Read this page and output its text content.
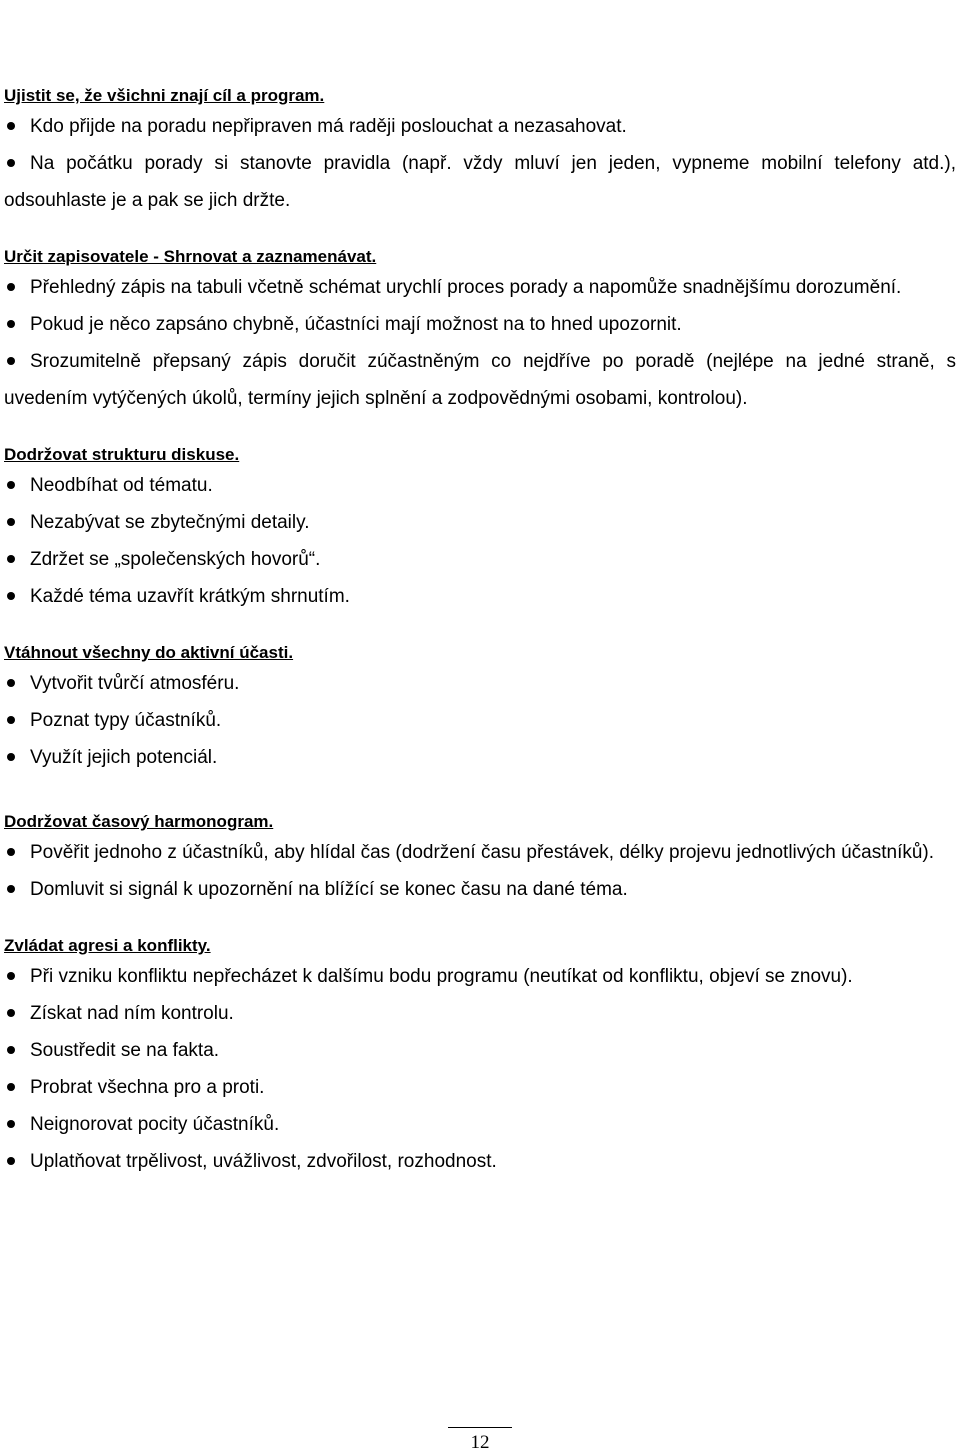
Ujistit se, že všichni znají cíl a program.

Kdo přijde na poradu nepřipraven má raději poslouchat a nezasahovat.
Na počátku porady si stanovte pravidla (např. vždy mluví jen jeden, vypneme mobilní telefony atd.), odsouhlaste je a pak se jich držte.

Určit zapisovatele - Shrnovat a zaznamenávat.

Přehledný zápis na tabuli včetně schémat urychlí proces porady a napomůže snadnějšímu dorozumění.
Pokud je něco zapsáno chybně, účastníci mají možnost na to hned upozornit.
Srozumitelně přepsaný zápis doručit zúčastněným co nejdříve po poradě (nejlépe na jedné straně, s uvedením vytýčených úkolů, termíny jejich splnění a zodpovědnými osobami, kontrolou).

Dodržovat strukturu diskuse.

Neodbíhat od tématu.
Nezabývat se zbytečnými detaily.
Zdržet se „společenských hovorů“.
Každé téma uzavřít krátkým shrnutím.

Vtáhnout všechny do aktivní účasti.

Vytvořit tvůrčí atmosféru.
Poznat typy účastníků.
Využít jejich potenciál.

Dodržovat časový harmonogram.

Pověřit jednoho z účastníků, aby hlídal čas (dodržení času přestávek, délky projevu jednotlivých účastníků).
Domluvit si signál k upozornění na blížící se konec času na dané téma.

Zvládat agresi a konflikty.

Při vzniku konfliktu nepřecházet k dalšímu bodu programu (neutíkat od konfliktu, objeví se znovu).
Získat nad ním kontrolu.
Soustředit se na fakta.
Probrat všechna pro a proti.
Neignorovat pocity účastníků.
Uplatňovat trpělivost, uvážlivost, zdvořilost, rozhodnost.
12
